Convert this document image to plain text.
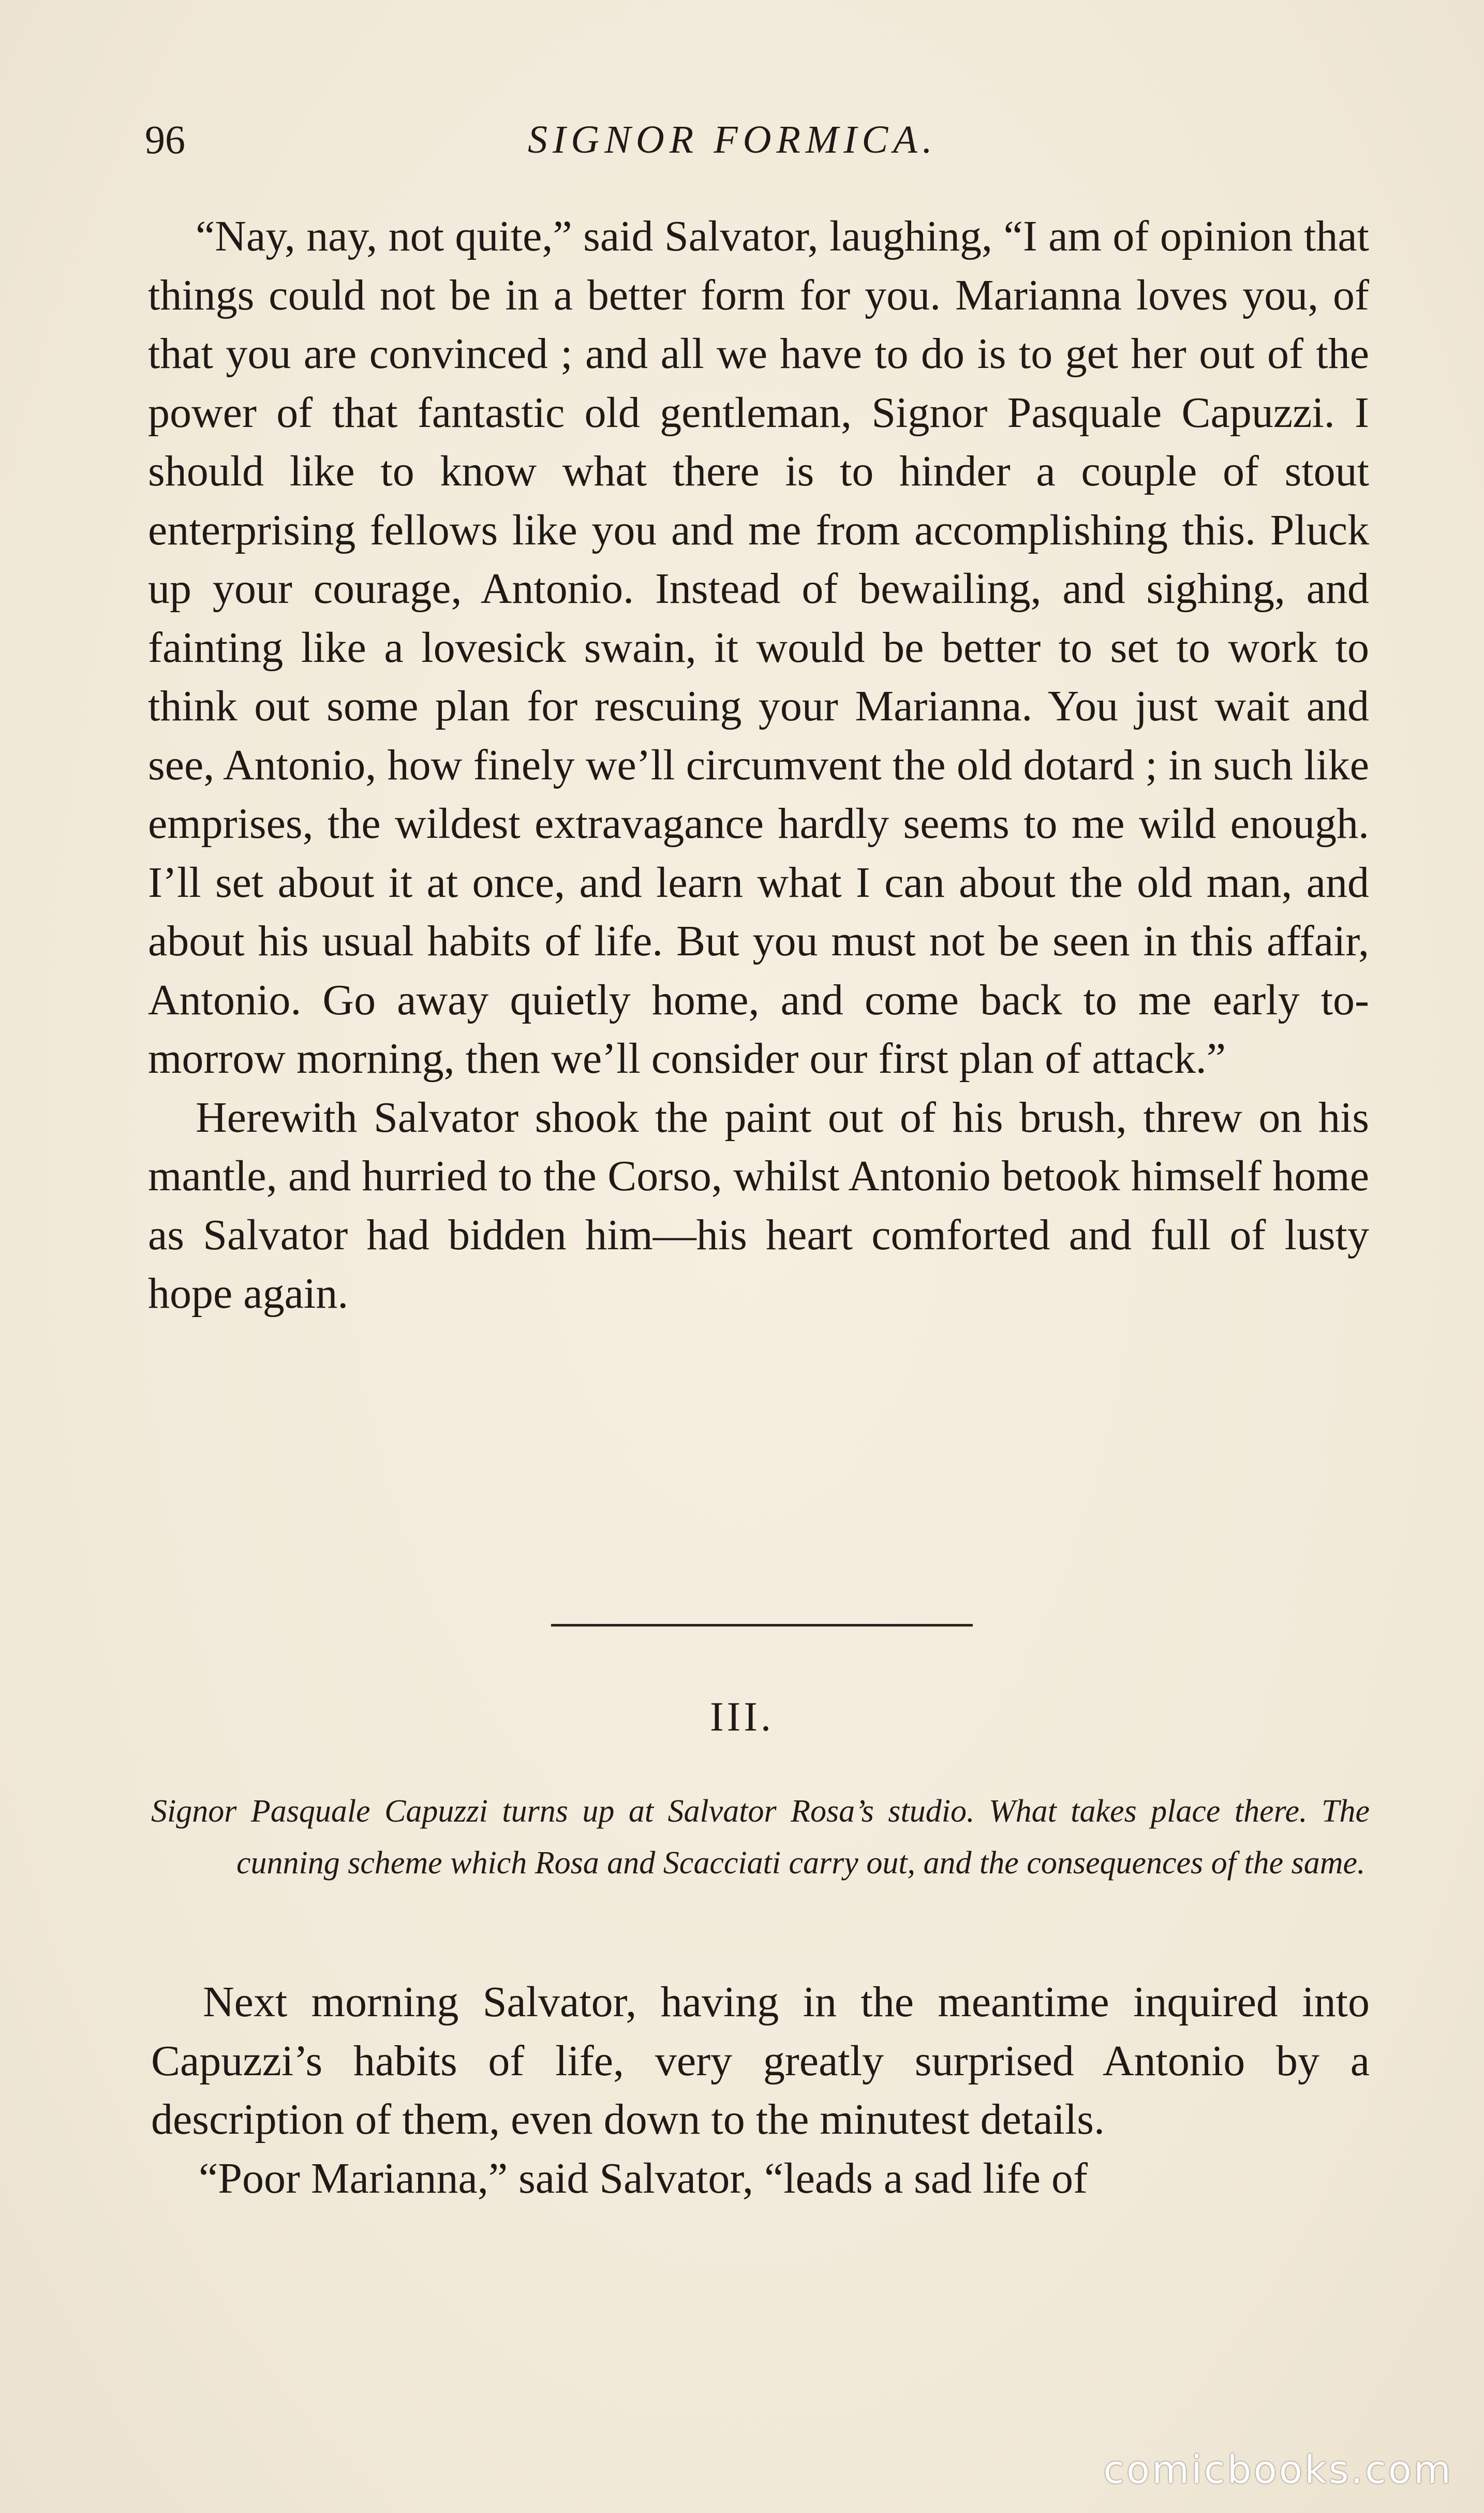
96	SIGNOR FORMICA.

“Nay, nay, not quite,” said Salvator, laughing, “I am of opinion that things could not be in a better form for you. Marianna loves you, of that you are convinced ; and all we have to do is to get her out of the power of that fantastic old gentleman, Signor Pasquale Capuzzi. I should like to know what there is to hinder a couple of stout enterprising fellows like you and me from accomplishing this. Pluck up your courage, Antonio. Instead of bewailing, and sighing, and fainting like a lovesick swain, it would be better to set to work to think out some plan for rescuing your Marianna. You just wait and see, Antonio, how finely we’ll circumvent the old dotard ; in such like emprises, the wildest extravagance hardly seems to me wild enough. I’ll set about it at once, and learn what I can about the old man, and about his usual habits of life. But you must not be seen in this affair, Antonio. Go away quietly home, and come back to me early to-morrow morning, then we’ll consider our first plan of attack.”

Herewith Salvator shook the paint out of his brush, threw on his mantle, and hurried to the Corso, whilst Antonio betook himself home as Salvator had bidden him—his heart comforted and full of lusty hope again.

III.

Signor Pasquale Capuzzi turns up at Salvator Rosa’s studio. What takes place there. The cunning scheme which Rosa and Scacciati carry out, and the consequences of the same.

Next morning Salvator, having in the meantime inquired into Capuzzi’s habits of life, very greatly surprised Antonio by a description of them, even down to the minutest details.

“Poor Marianna,” said Salvator, “leads a sad life of

comicbooks.com
